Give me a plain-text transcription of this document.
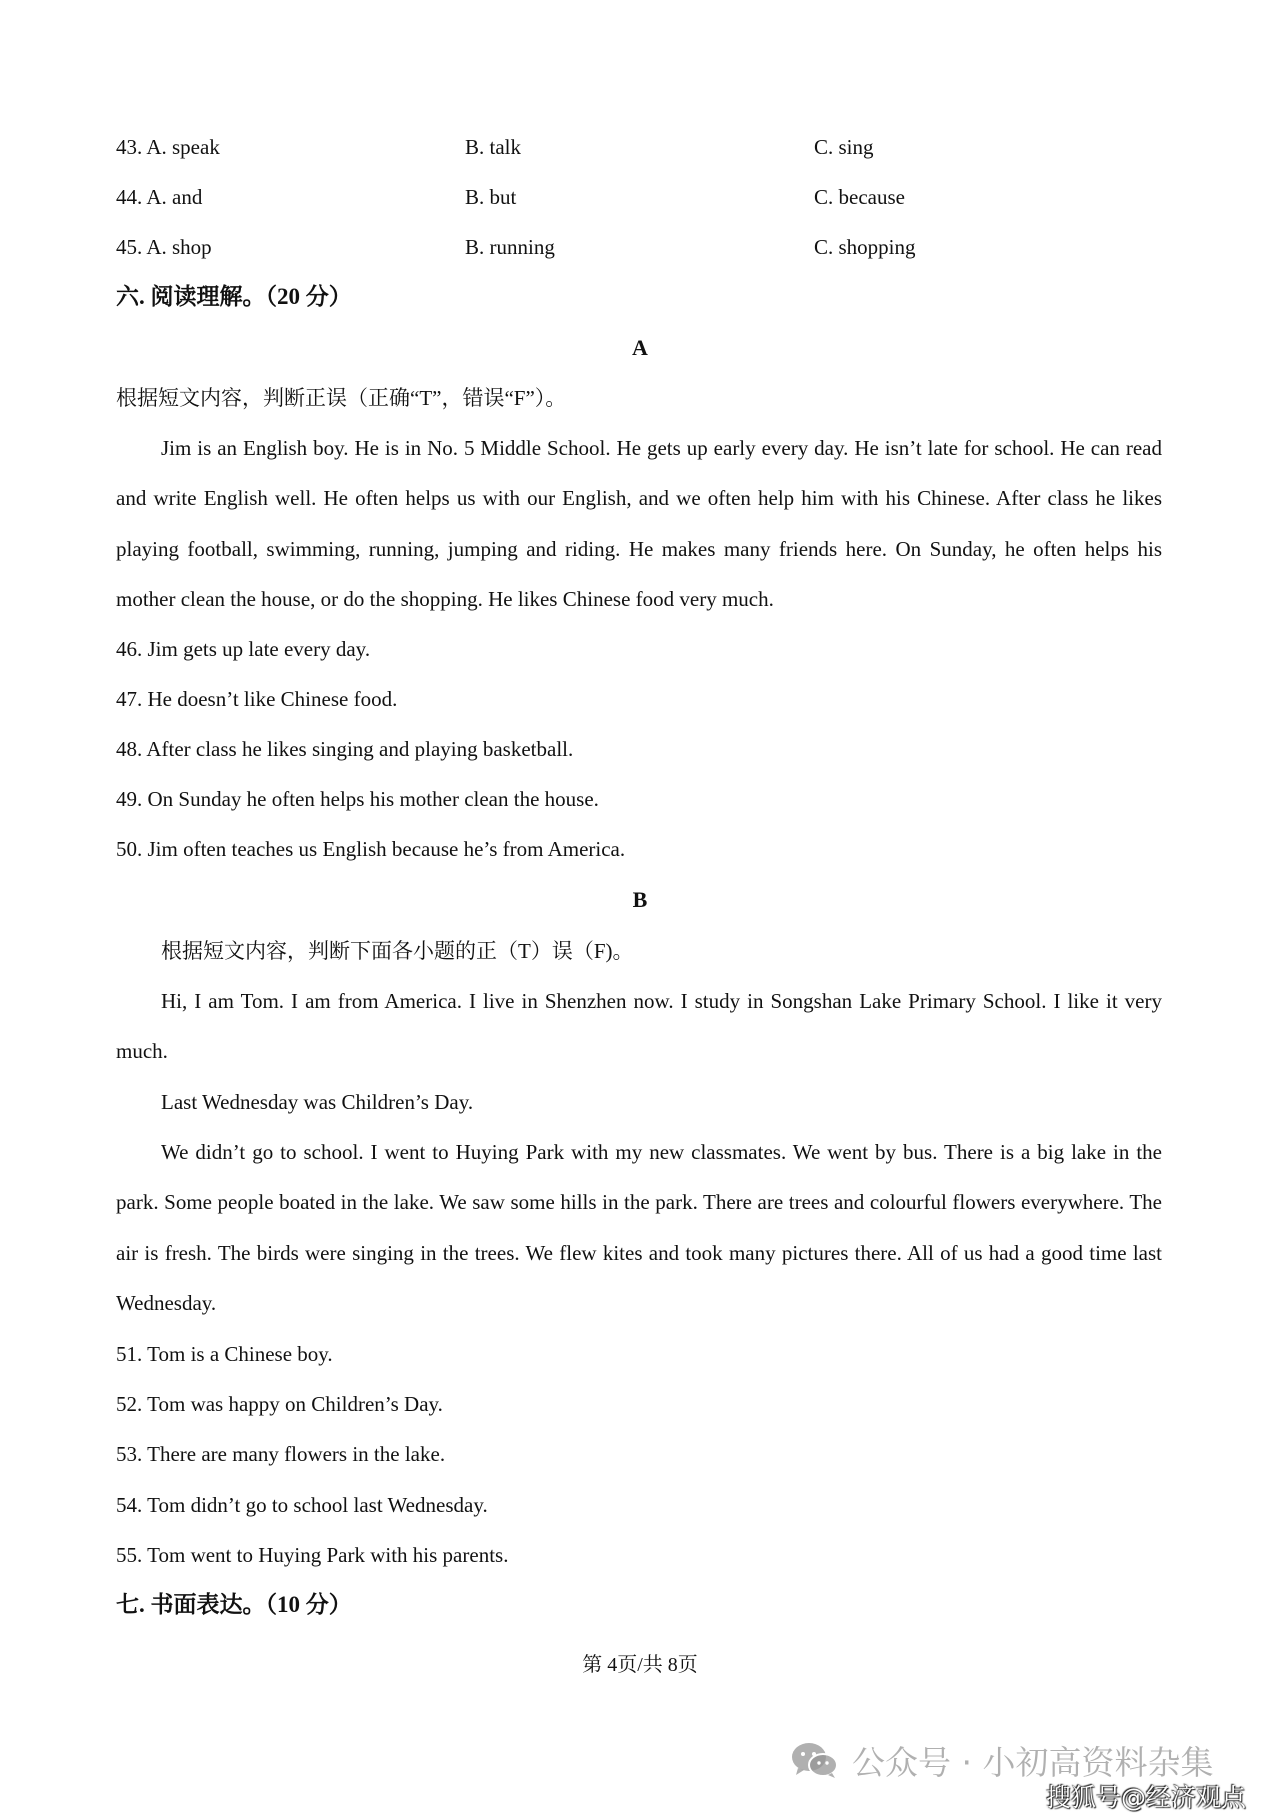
43. A. speak	B. talk	C. sing
44. A. and	B. but	C. because
45. A. shop	B. running	C. shopping
六. 阅读理解。（20 分）
A
根据短文内容，判断正误（正确“T”，错误“F”）。
Jim is an English boy. He is in No. 5 Middle School. He gets up early every day. He isn’t late for school. He can read and write English well. He often helps us with our English, and we often help him with his Chinese. After class he likes playing football, swimming, running, jumping and riding. He makes many friends here. On Sunday, he often helps his mother clean the house, or do the shopping. He likes Chinese food very much.
46. Jim gets up late every day.
47. He doesn’t like Chinese food.
48. After class he likes singing and playing basketball.
49. On Sunday he often helps his mother clean the house.
50. Jim often teaches us English because he’s from America.
B
根据短文内容，判断下面各小题的正（T）误（F)。
Hi, I am Tom. I am from America. I live in Shenzhen now. I study in Songshan Lake Primary School. I like it very much.
Last Wednesday was Children’s Day.
We didn’t go to school. I went to Huying Park with my new classmates. We went by bus. There is a big lake in the park. Some people boated in the lake. We saw some hills in the park. There are trees and colourful flowers everywhere. The air is fresh. The birds were singing in the trees. We flew kites and took many pictures there. All of us had a good time last Wednesday.
51. Tom is a Chinese boy.
52. Tom was happy on Children’s Day.
53. There are many flowers in the lake.
54. Tom didn’t go to school last Wednesday.
55. Tom went to Huying Park with his parents.
七. 书面表达。（10 分）
第 4页/共 8页
公众号 · 小初高资料杂集
搜狐号@经济观点
